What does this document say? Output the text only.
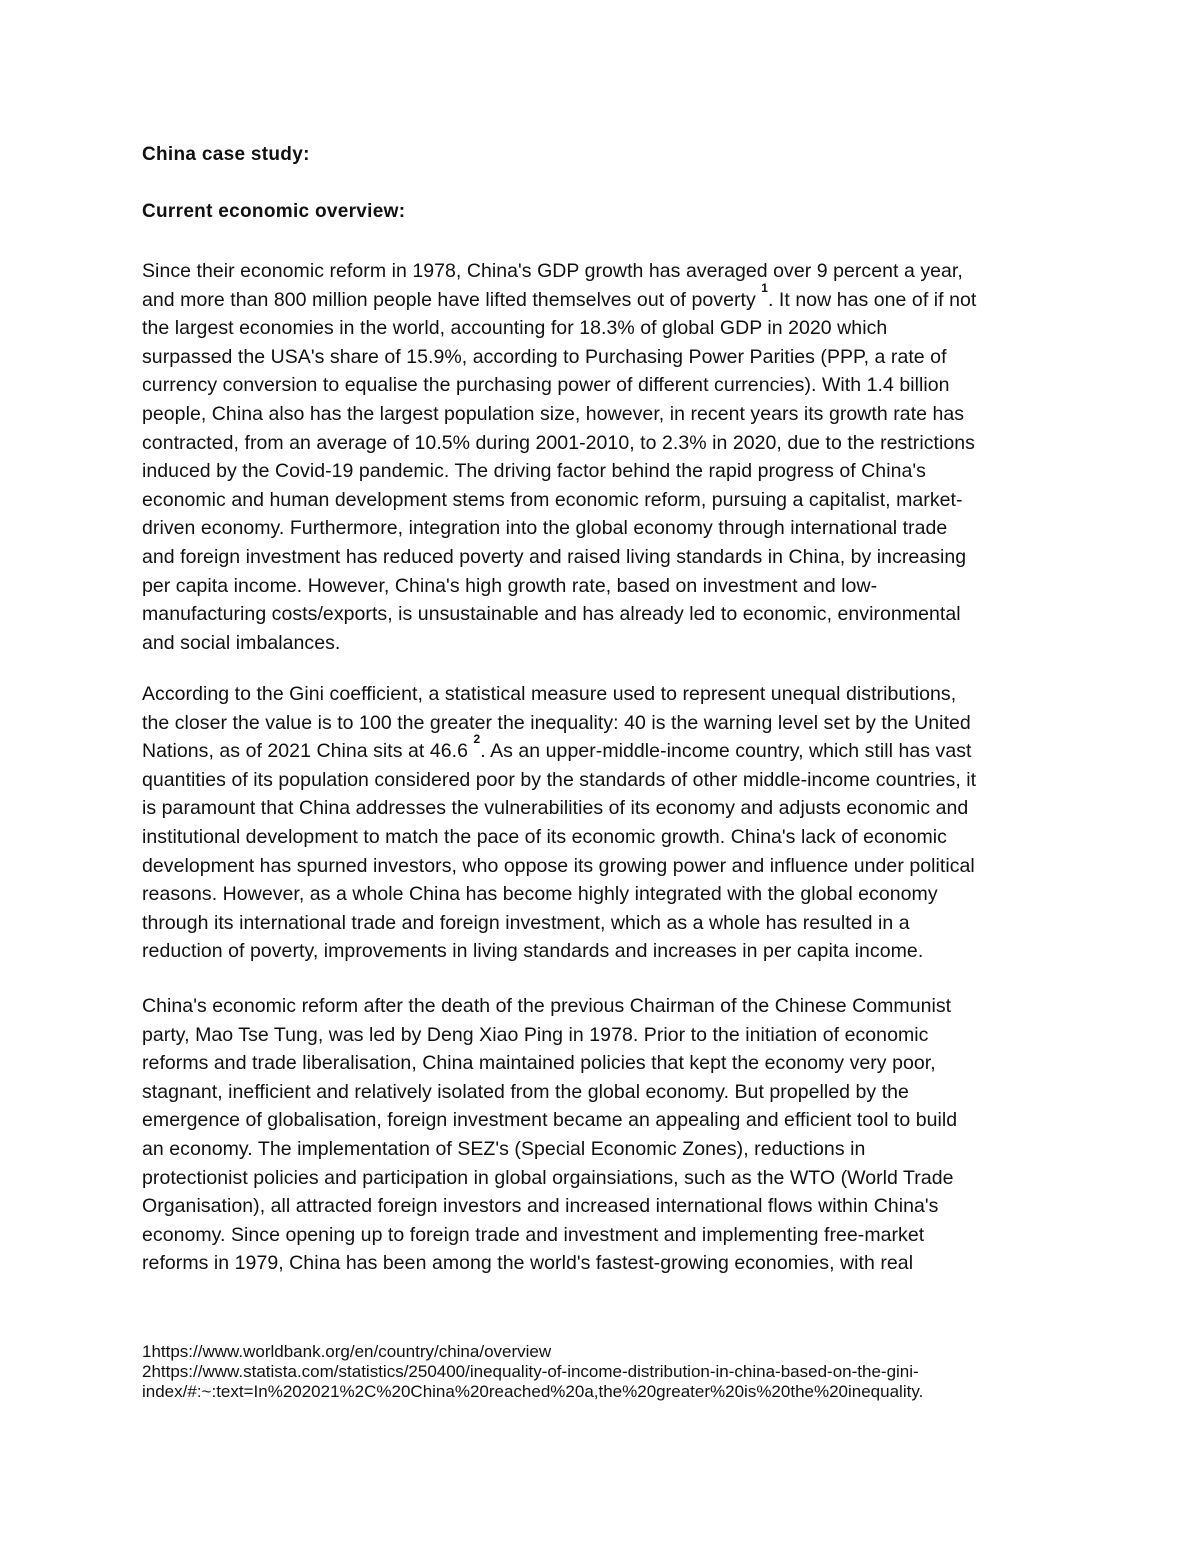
China case study:
Current economic overview:

Since their economic reform in 1978, China's GDP growth has averaged over 9 percent a year,
and more than 800 million people have lifted themselves out of poverty $^1$. It now has one of if not
the largest economies in the world, accounting for 18.3% of global GDP in 2020 which
surpassed the USA's share of 15.9%, according to Purchasing Power Parities (PPP, a rate of
currency conversion to equalise the purchasing power of different currencies). With 1.4 billion
people, China also has the largest population size, however, in recent years its growth rate has
contracted, from an average of 10.5% during 2001-2010, to 2.3% in 2020, due to the restrictions
induced by the Covid-19 pandemic. The driving factor behind the rapid progress of China's
economic and human development stems from economic reform, pursuing a capitalist, market-
driven economy. Furthermore, integration into the global economy through international trade
and foreign investment has reduced poverty and raised living standards in China, by increasing
per capita income. However, China's high growth rate, based on investment and low-
manufacturing costs/exports, is unsustainable and has already led to economic, environmental
and social imbalances.

According to the Gini coefficient, a statistical measure used to represent unequal distributions,
the closer the value is to 100 the greater the inequality: 40 is the warning level set by the United
Nations, as of 2021 China sits at 46.6 $^2$. As an upper-middle-income country, which still has vast
quantities of its population considered poor by the standards of other middle-income countries, it
is paramount that China addresses the vulnerabilities of its economy and adjusts economic and
institutional development to match the pace of its economic growth. China's lack of economic
development has spurned investors, who oppose its growing power and influence under political
reasons. However, as a whole China has become highly integrated with the global economy
through its international trade and foreign investment, which as a whole has resulted in a
reduction of poverty, improvements in living standards and increases in per capita income.

China's economic reform after the death of the previous Chairman of the Chinese Communist
party, Mao Tse Tung, was led by Deng Xiao Ping in 1978. Prior to the initiation of economic
reforms and trade liberalisation, China maintained policies that kept the economy very poor,
stagnant, inefficient and relatively isolated from the global economy. But propelled by the
emergence of globalisation, foreign investment became an appealing and efficient tool to build
an economy. The implementation of SEZ's (Special Economic Zones), reductions in
protectionist policies and participation in global orgainsiations, such as the WTO (World Trade
Organisation), all attracted foreign investors and increased international flows within China's
economy. Since opening up to foreign trade and investment and implementing free-market
reforms in 1979, China has been among the world's fastest-growing economies, with real

1https://www.worldbank.org/en/country/china/overview
2https://www.statista.com/statistics/250400/inequality-of-income-distribution-in-china-based-on-the-gini-
index/#:~:text=In%202021%2C%20China%20reached%20a,the%20greater%20is%20the%20inequality.
